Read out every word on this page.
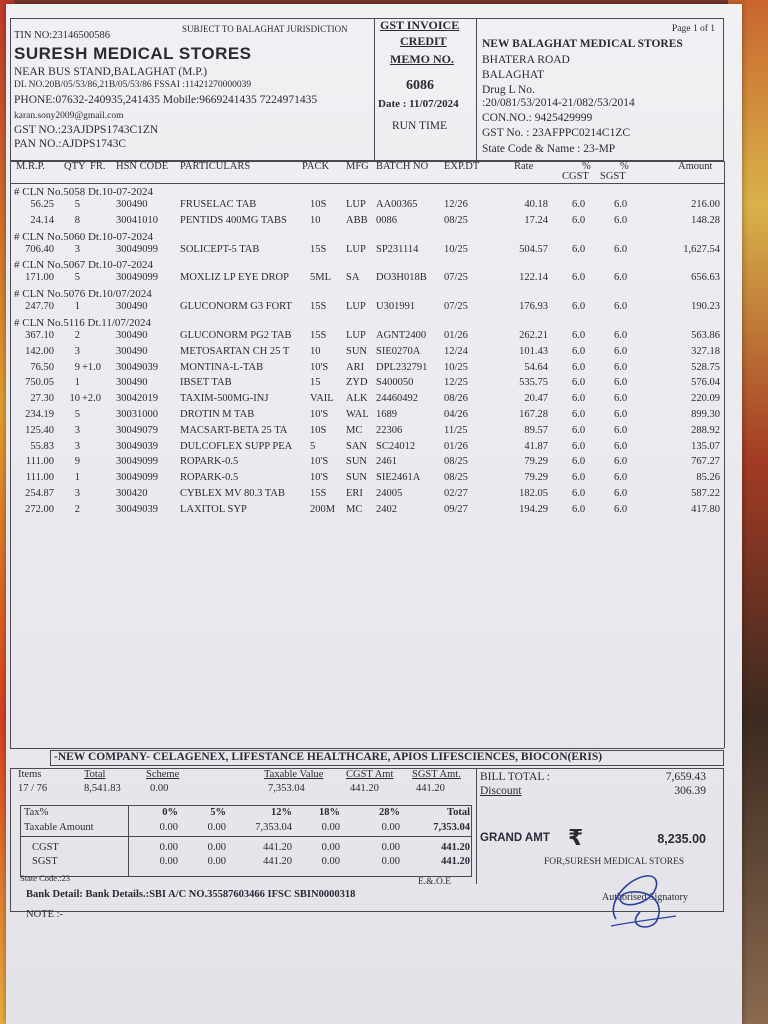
TIN NO:23146500586
SUBJECT TO BALAGHAT JURISDICTION
SURESH MEDICAL STORES
NEAR BUS STAND,BALAGHAT (M.P.)
DL NO.20B/05/53/86,21B/05/53/86 FSSAI :11421270000039
PHONE:07632-240935,241435 Mobile:9669241435 7224971435
karan.sony2009@gmail.com
GST NO.:23AJDPS1743C1ZN
PAN NO.:AJDPS1743C
GST INVOICE
CREDIT
MEMO NO.
6086
Date : 11/07/2024
RUN TIME
Page 1 of 1
NEW BALAGHAT MEDICAL STORES
BHATERA ROAD
BALAGHAT
Drug L No.
:20/081/53/2014-21/082/53/2014
CON.NO.: 9425429999
GST No. : 23AFPPC0214C1ZC
State Code & Name : 23-MP
M.R.P. QTY FR. HSN CODE PARTICULARS	PACK MFG BATCH NO EXP.DT	Rate	%	%
CGST SGST
Amount
-NEW COMPANY- CELAGENEX, LIFESTANCE HEALTHCARE, APIOS LIFESCIENCES, BIOCON(ERIS)
Items
17 / 76
Total
8,541.83
Scheme
0.00
Taxable Value
7,353.04
CGST Amt
441.20
SGST Amt.
441.20
BILL TOTAL :	7,659.43
Discount	306.39
GRAND AMT ₹	8,235.00
FOR,SURESH MEDICAL STORES
E.&.O.E
State Code.:23
Bank Detail: Bank Details.:SBI A/C NO.35587603466 IFSC SBIN0000318	Authorised Signatory
NOTE :-
# CLN No.5058 Dt.10-07-2024
56.25	5	300490	FRUSELAC TAB	10S	LUP AA00365	12/26	40.18 6.0	6.0	216.00
24.14	8	30041010	PENTIDS 400MG TABS	10	ABB 0086	08/25	17.24 6.0	6.0	148.28
# CLN No.5060 Dt.10-07-2024
706.40	3	30049099	SOLICEPT-5 TAB	15S	LUP SP231114	10/25	504.57 6.0	6.0	1,627.54
# CLN No.5067 Dt.10-07-2024
171.00	5	30049099	MOXLIZ LP EYE DROP	5ML	SA	DO3H018B	07/25	122.14 6.0	6.0	656.63
# CLN No.5076 Dt.10/07/2024
247.70	1	300490	GLUCONORM G3 FORT	15S	LUP U301991	07/25	176.93 6.0	6.0	190.23
# CLN No.5116 Dt.11/07/2024
367.10	2	300490	GLUCONORM PG2 TAB	15S	LUP AGNT2400	01/26	262.21 6.0	6.0	563.86
142.00	3	300490	METOSARTAN CH 25 T	10	SUN SIE0270A	12/24	101.43 6.0	6.0	327.18
76.50	9 +1.0	30049039	MONTINA-L-TAB	10'S	ARI	DPL232791	10/25	54.64 6.0	6.0	528.75
750.05	1	300490	IBSET TAB	15	ZYD S400050	12/25	535.75 6.0	6.0	576.04
27.30	10 +2.0	30042019	TAXIM-500MG-INJ	VAIL	ALK 24460492	08/26	20.47 6.0	6.0	220.09
234.19	5	30031000	DROTIN M TAB	10'S	WAL 1689	04/26	167.28 6.0	6.0	899.30
125.40	3	30049079	MACSART-BETA 25 TA	10S	MC	22306	11/25	89.57 6.0	6.0	288.92
55.83	3	30049039	DULCOFLEX SUPP PEA	5	SAN SC24012	01/26	41.87 6.0	6.0	135.07
111.00	9	30049099	ROPARK-0.5	10'S	SUN 2461	08/25	79.29 6.0	6.0	767.27
111.00	1	30049099	ROPARK-0.5	10'S	SUN SIE2461A	08/25	79.29 6.0	6.0	85.26
254.87	3	300420	CYBLEX MV 80.3 TAB	15S	ERI	24005	02/27	182.05 6.0	6.0	587.22
272.00	2	30049039	LAXITOL SYP	200M	MC	2402	09/27	194.29 6.0	6.0	417.80
Tax%	0%	5%	12%	18%	28%	Total
Taxable Amount	0.00	0.00	7,353.04	0.00	0.00	7,353.04
CGST	0.00	0.00	441.20	0.00	0.00	441.20
SGST	0.00	0.00	441.20	0.00	0.00	441.20
